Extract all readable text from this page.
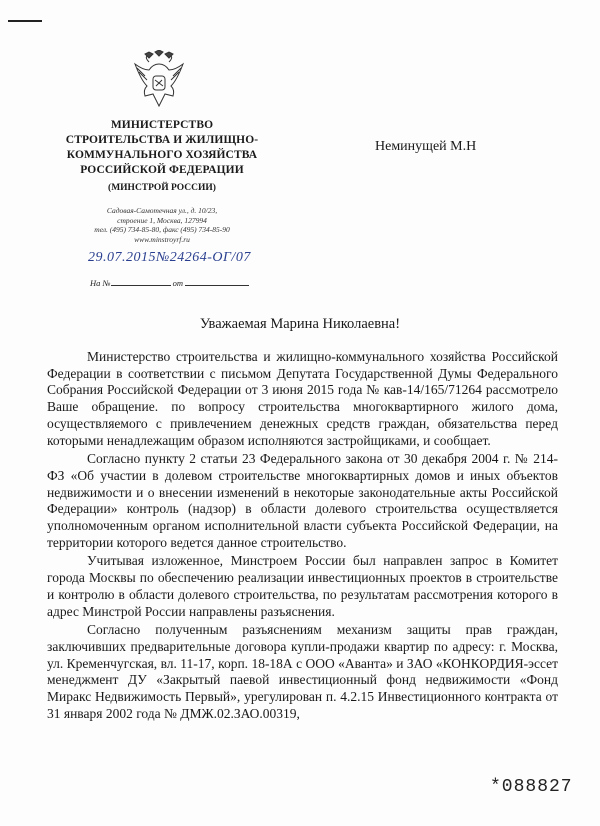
МИНИСТЕРСТВО
СТРОИТЕЛЬСТВА И ЖИЛИЩНО-
КОММУНАЛЬНОГО ХОЗЯЙСТВА
РОССИЙСКОЙ ФЕДЕРАЦИИ
(МИНСТРОЙ РОССИИ)
Садовая-Самотечная ул., д. 10/23,
строение 1, Москва, 127994
тел. (495) 734-85-80, факс (495) 734-85-90
www.minstroyrf.ru
29.07.2015№24264-ОГ/07
На №	от
Неминущей М.Н
Уважаемая Марина Николаевна!

Министерство строительства и жилищно-коммунального хозяйства Российской Федерации в соответствии с письмом Депутата Государственной Думы Федерального Собрания Российской Федерации от 3 июня 2015 года № кав-14/165/71264 рассмотрело Ваше обращение. по вопросу строительства многоквартирного жилого дома, осуществляемого с привлечением денежных средств граждан, обязательства перед которыми ненадлежащим образом исполняются застройщиками, и сообщает.

Согласно пункту 2 статьи 23 Федерального закона от 30 декабря 2004 г. № 214-ФЗ «Об участии в долевом строительстве многоквартирных домов и иных объектов недвижимости и о внесении изменений в некоторые законодательные акты Российской Федерации» контроль (надзор) в области долевого строительства осуществляется уполномоченным органом исполнительной власти субъекта Российской Федерации, на территории которого ведется данное строительство.

Учитывая изложенное, Минстроем России был направлен запрос в Комитет города Москвы по обеспечению реализации инвестиционных проектов в строительстве и контролю в области долевого строительства, по результатам рассмотрения которого в адрес Минстрой России направлены разъяснения.

Согласно полученным разъяснениям механизм защиты прав граждан, заключивших предварительные договора купли-продажи квартир по адресу: г. Москва, ул. Кременчугская, вл. 11-17, корп. 18-18А с ООО «Аванта» и ЗАО «КОНКОРДИЯ-эссет менеджмент ДУ «Закрытый паевой инвестиционный фонд недвижимости «Фонд Миракс Недвижимость Первый», урегулирован п. 4.2.15 Инвестиционного контракта от 31 января 2002 года № ДМЖ.02.ЗАО.00319,

*088827
